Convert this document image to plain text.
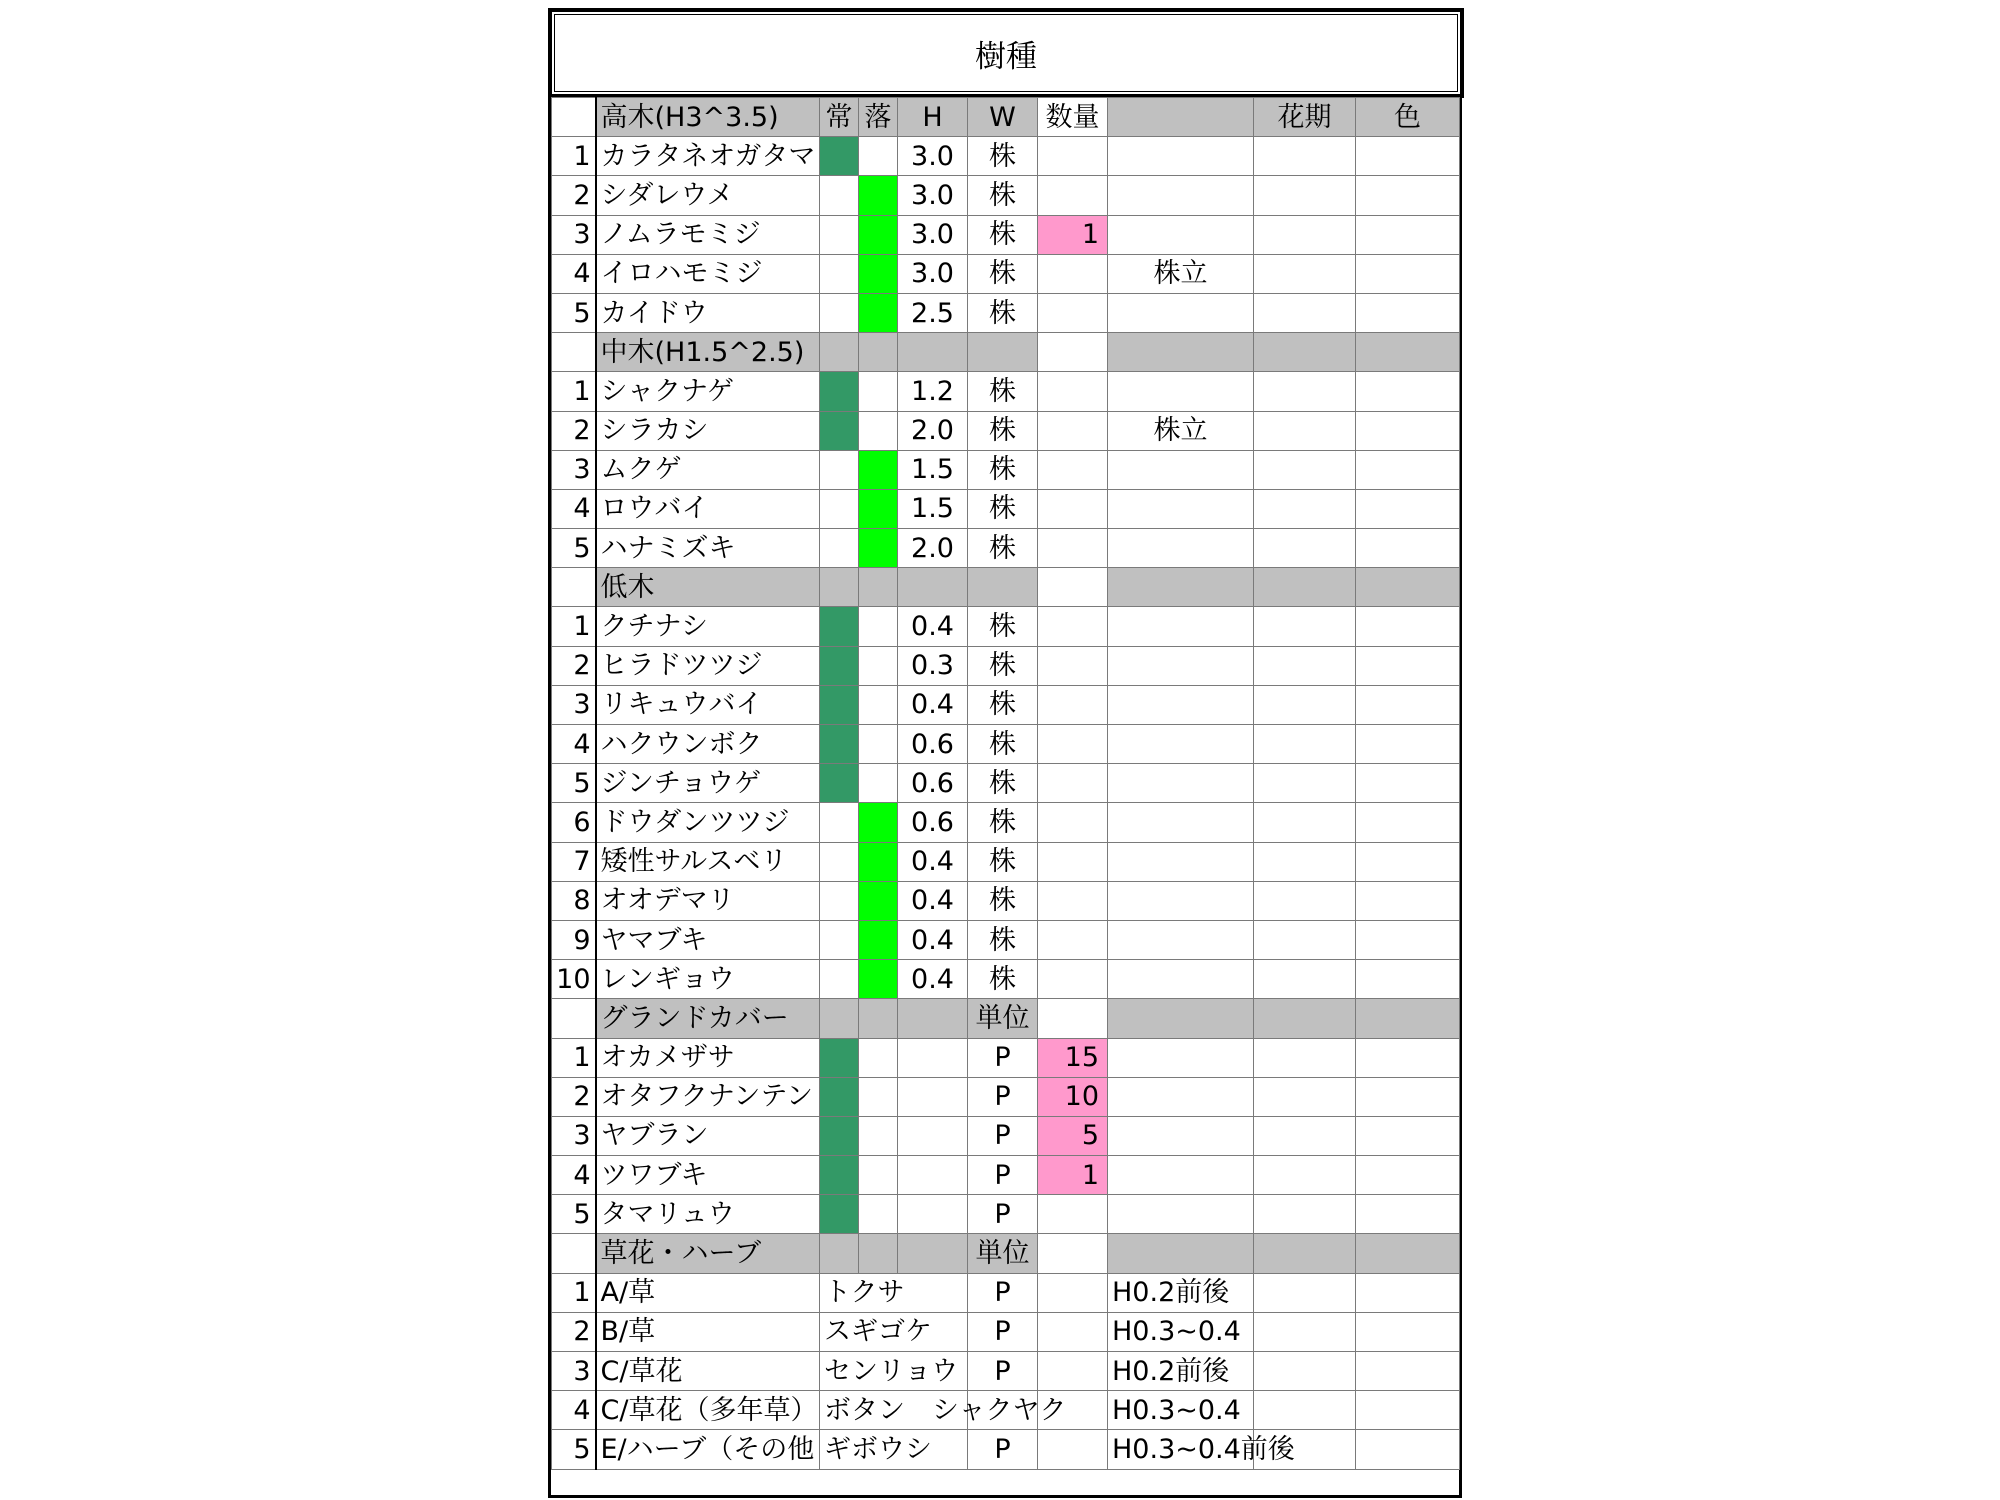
樹種
	高木(H3^3.5)	常	落	H	W	数量		花期	色
1	カラタネオガタマ			3.0	株				
2	シダレウメ			3.0	株				
3	ノムラモミジ			3.0	株	1			
4	イロハモミジ			3.0	株		株立		
5	カイドウ			2.5	株				
	中木(H1.5^2.5)								
1	シャクナゲ			1.2	株				
2	シラカシ			2.0	株		株立		
3	ムクゲ			1.5	株				
4	ロウバイ			1.5	株				
5	ハナミズキ			2.0	株				
	低木								
1	クチナシ			0.4	株				
2	ヒラドツツジ			0.3	株				
3	リキュウバイ			0.4	株				
4	ハクウンボク			0.6	株				
5	ジンチョウゲ			0.6	株				
6	ドウダンツツジ			0.6	株				
7	矮性サルスベリ			0.4	株				
8	オオデマリ			0.4	株				
9	ヤマブキ			0.4	株				
10	レンギョウ			0.4	株				
	グランドカバー				単位				
1	オカメザサ				P	15			
2	オタフクナンテン				P	10			
3	ヤブラン				P	5			
4	ツワブキ				P	1			
5	タマリュウ				P				
	草花・ハーブ				単位				
1	A/草	トクサ			P		H0.2前後		
2	B/草	スギゴケ			P		H0.3~0.4		
3	C/草花	センリョウ			P		H0.2前後		
4	C/草花（多年草）	ボタン　シャクヤク					H0.3~0.4		
5	E/ハーブ（その他	ギボウシ			P		H0.3~0.4前後		
